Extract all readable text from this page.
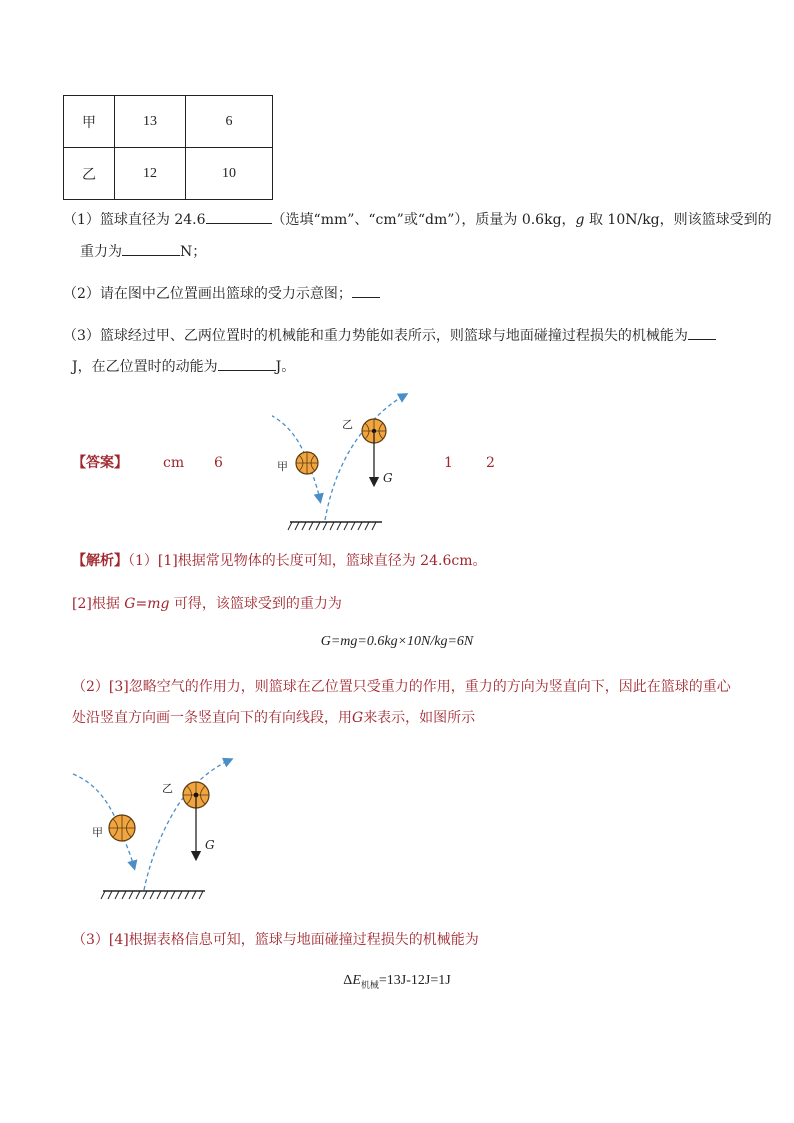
甲	13	6
乙	12	10
（1）篮球直径为 24.6	（选填“mm”、“cm”或“dm”），质量为 0.6kg，g 取 10N/kg，则该篮球受到的
重力为	N；
（2）请在图中乙位置画出篮球的受力示意图；
（3）篮球经过甲、乙两位置时的机械能和重力势能如表所示，则篮球与地面碰撞过程损失的机械能为
J，在乙位置时的动能为	J。
【答案】	cm 6	1 2
甲
乙
G
【解析】（1）[1]根据常见物体的长度可知，篮球直径为 24.6cm。
[2]根据 G=mg 可得，该篮球受到的重力为
G=mg=0.6kg×10N/kg=6N
（2）[3]忽略空气的作用力，则篮球在乙位置只受重力的作用，重力的方向为竖直向下，因此在篮球的重心
处沿竖直方向画一条竖直向下的有向线段，用G来表示，如图所示
甲
乙
G
（3）[4]根据表格信息可知，篮球与地面碰撞过程损失的机械能为
$\Delta E_{机械}=13J-12J=1J$
